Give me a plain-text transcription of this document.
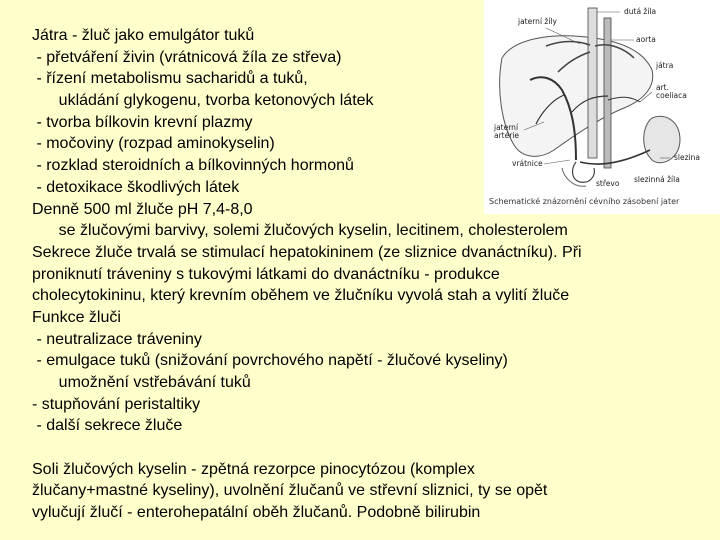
Játra - žluč jako emulgátor tuků
- přetváření živin (vrátnicová žíla ze střeva)
- řízení metabolismu sacharidů a tuků,
ukládání glykogenu, tvorba ketonových látek
- tvorba bílkovin krevní plazmy
- močoviny (rozpad aminokyselin)
- rozklad steroidních a bílkovinných hormonů
- detoxikace škodlivých látek
Denně 500 ml žluče pH 7,4-8,0
se žlučovými barvivy, solemi žlučových kyselin, lecitinem, cholesterolem
Sekrece žluče trvalá se stimulací hepatokininem (ze sliznice dvanáctníku). Při
proniknutí tráveniny s tukovými látkami do dvanáctníku - produkce
cholecytokininu, který krevním oběhem ve žlučníku vyvolá stah a vylití žluče
Funkce žluči
- neutralizace tráveniny
- emulgace tuků (snižování povrchového napětí - žlučové kyseliny)
umožnění vstřebávání tuků
- stupňování peristaltiky
- další sekrece žluče
Soli žlučových kyselin - zpětná rezorpce pinocytózou (komplex
žlučany+mastné kyseliny), uvolnění žlučanů ve střevní sliznici, ty se opět
vylučují žlučí - enterohepatální oběh žlučanů. Podobně bilirubin
dutá žíla
jaterní žíly
aorta
játra
art.
coeliaca
jaterní
artérie
vrátnice
střevo
slezina
slezinná žíla
Schematické znázornění cévního zásobení jater
